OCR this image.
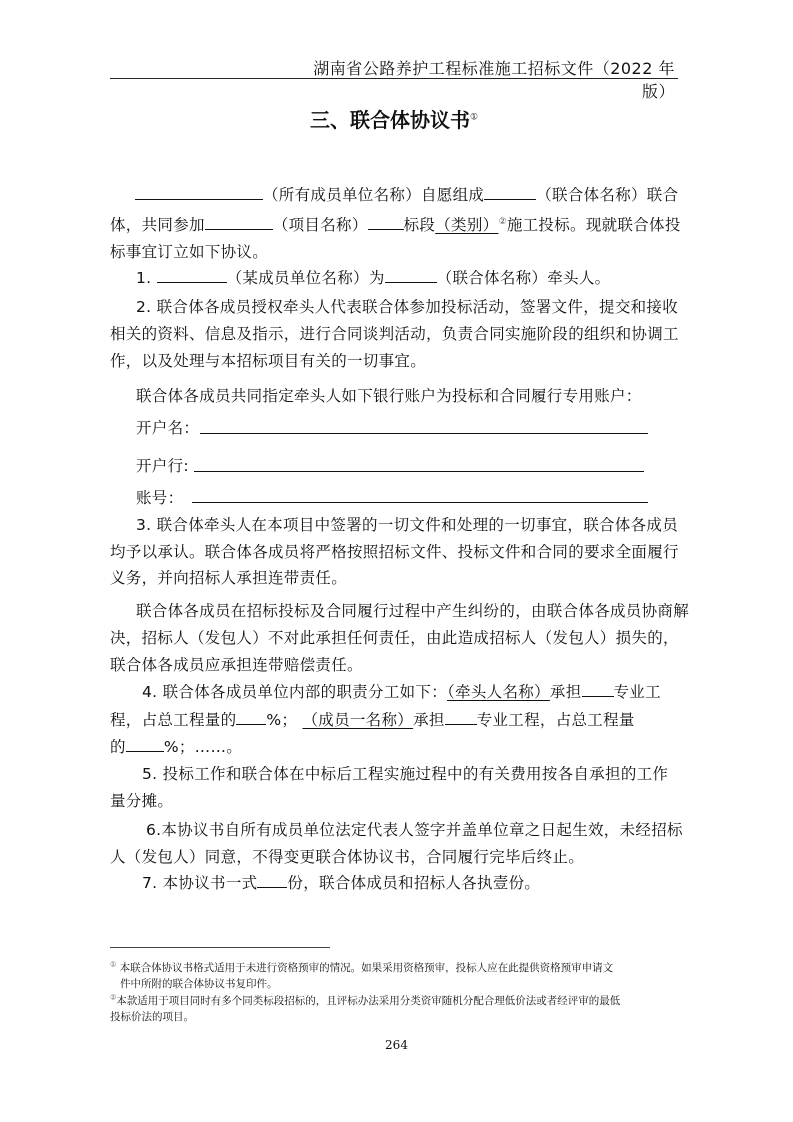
湖南省公路养护工程标准施工招标文件（2022 年版）
三、联合体协议书①
（所有成员单位名称）自愿组成	（联合体名称）联合
体，共同参加	（项目名称） 标段（类别）②施工投标。现就联合体投
标事宜订立如下协议。
1.	（某成员单位名称）为	（联合体名称）牵头人。
2. 联合体各成员授权牵头人代表联合体参加投标活动，签署文件，提交和接收
相关的资料、信息及指示，进行合同谈判活动，负责合同实施阶段的组织和协调工
作，以及处理与本招标项目有关的一切事宜。
联合体各成员共同指定牵头人如下银行账户为投标和合同履行专用账户：
开户名：
开户行:
账号：
3. 联合体牵头人在本项目中签署的一切文件和处理的一切事宜，联合体各成员
均予以承认。联合体各成员将严格按照招标文件、投标文件和合同的要求全面履行
义务，并向招标人承担连带责任。
联合体各成员在招标投标及合同履行过程中产生纠纷的，由联合体各成员协商解
决，招标人（发包人）不对此承担任何责任，由此造成招标人（发包人）损失的，
联合体各成员应承担连带赔偿责任。
4. 联合体各成员单位内部的职责分工如下：（牵头人名称）承担 专业工
程，占总工程量的 %； （成员一名称）承担 专业工程，占总工程量
的 %；……。
5. 投标工作和联合体在中标后工程实施过程中的有关费用按各自承担的工作
量分摊。
6.本协议书自所有成员单位法定代表人签字并盖单位章之日起生效，未经招标
人（发包人）同意，不得变更联合体协议书，合同履行完毕后终止。
7. 本协议书一式 份，联合体成员和招标人各执壹份。
① 本联合体协议书格式适用于未进行资格预审的情况。如果采用资格预审，投标人应在此提供资格预审申请文
件中所附的联合体协议书复印件。
②本款适用于项目同时有多个同类标段招标的，且评标办法采用分类资审随机分配合理低价法或者经评审的最低
投标价法的项目。
264
